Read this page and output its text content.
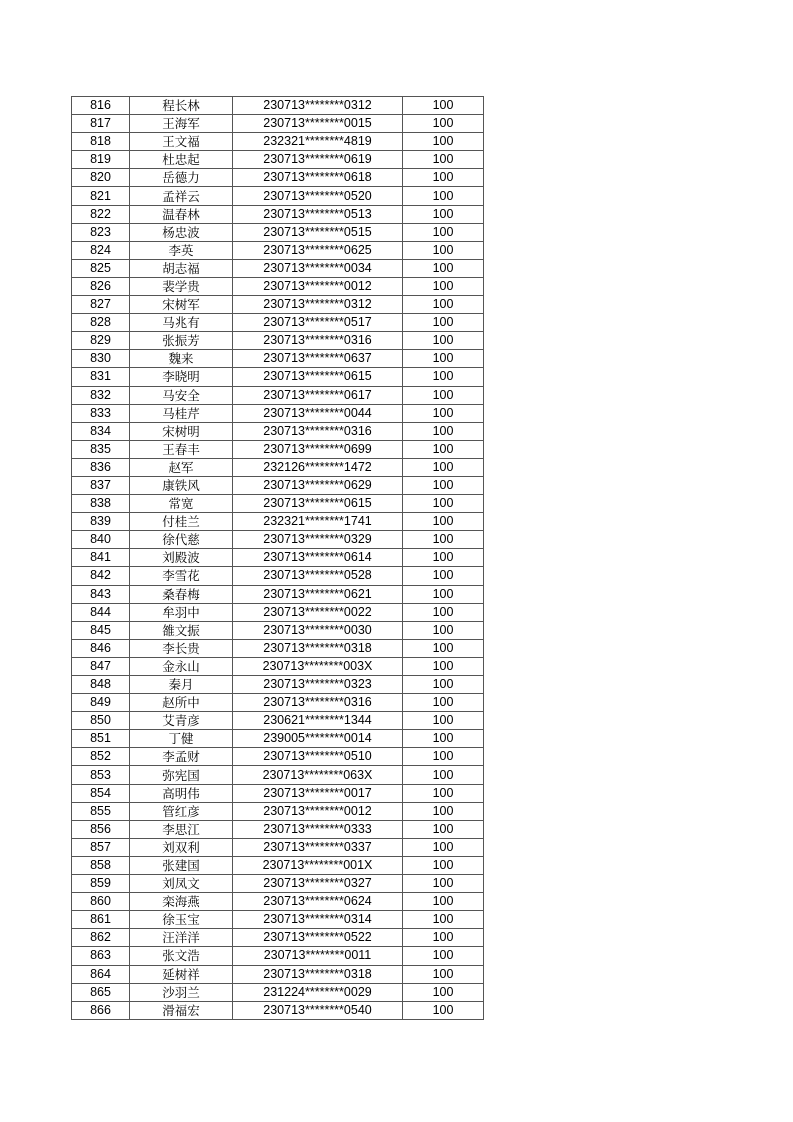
816	程长林	230713********0312	100
817	王海军	230713********0015	100
818	王文福	232321********4819	100
819	杜忠起	230713********0619	100
820	岳德力	230713********0618	100
821	孟祥云	230713********0520	100
822	温春林	230713********0513	100
823	杨忠波	230713********0515	100
824	李英	230713********0625	100
825	胡志福	230713********0034	100
826	裴学贵	230713********0012	100
827	宋树军	230713********0312	100
828	马兆有	230713********0517	100
829	张振芳	230713********0316	100
830	魏来	230713********0637	100
831	李晓明	230713********0615	100
832	马安全	230713********0617	100
833	马桂芹	230713********0044	100
834	宋树明	230713********0316	100
835	王春丰	230713********0699	100
836	赵军	232126********1472	100
837	康铁风	230713********0629	100
838	常宽	230713********0615	100
839	付桂兰	232321********1741	100
840	徐代慈	230713********0329	100
841	刘殿波	230713********0614	100
842	李雪花	230713********0528	100
843	桑春梅	230713********0621	100
844	牟羽中	230713********0022	100
845	雒文振	230713********0030	100
846	李长贵	230713********0318	100
847	金永山	230713********003X	100
848	秦月	230713********0323	100
849	赵所中	230713********0316	100
850	艾青彦	230621********1344	100
851	丁健	239005********0014	100
852	李孟财	230713********0510	100
853	弥宪国	230713********063X	100
854	高明伟	230713********0017	100
855	管红彦	230713********0012	100
856	李思江	230713********0333	100
857	刘双利	230713********0337	100
858	张建国	230713********001X	100
859	刘凤文	230713********0327	100
860	栾海燕	230713********0624	100
861	徐玉宝	230713********0314	100
862	汪洋洋	230713********0522	100
863	张文浩	230713********0011	100
864	延树祥	230713********0318	100
865	沙羽兰	231224********0029	100
866	滑福宏	230713********0540	100
